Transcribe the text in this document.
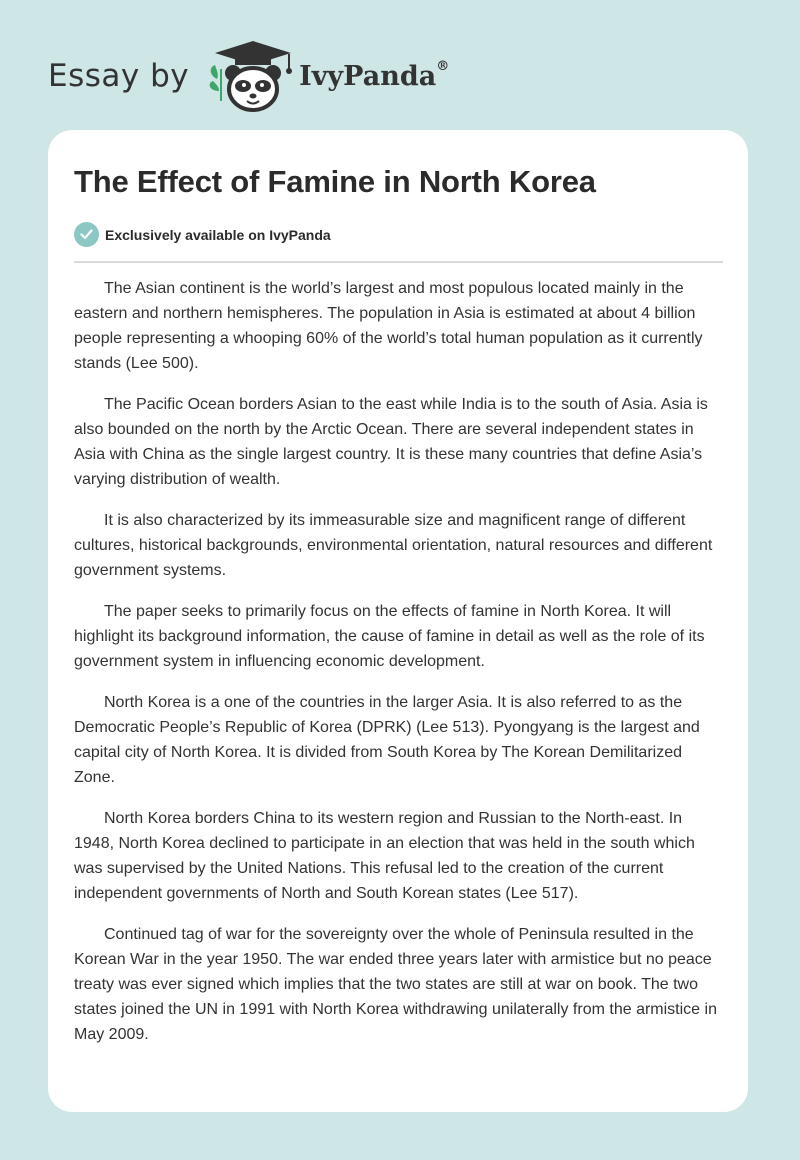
Essay by	IvyPanda®
The Effect of Famine in North Korea
Exclusively available on IvyPanda

The Asian continent is the world’s largest and most populous located mainly in the eastern and northern hemispheres. The population in Asia is estimated at about 4 billion people representing a whooping 60% of the world’s total human population as it currently stands (Lee 500).

The Pacific Ocean borders Asian to the east while India is to the south of Asia. Asia is also bounded on the north by the Arctic Ocean. There are several independent states in Asia with China as the single largest country. It is these many countries that define Asia’s varying distribution of wealth.

It is also characterized by its immeasurable size and magnificent range of different cultures, historical backgrounds, environmental orientation, natural resources and different government systems.

The paper seeks to primarily focus on the effects of famine in North Korea. It will highlight its background information, the cause of famine in detail as well as the role of its government system in influencing economic development.

North Korea is a one of the countries in the larger Asia. It is also referred to as the Democratic People’s Republic of Korea (DPRK) (Lee 513). Pyongyang is the largest and capital city of North Korea. It is divided from South Korea by The Korean Demilitarized Zone.

North Korea borders China to its western region and Russian to the North-east. In 1948, North Korea declined to participate in an election that was held in the south which was supervised by the United Nations. This refusal led to the creation of the current independent governments of North and South Korean states (Lee 517).

Continued tag of war for the sovereignty over the whole of Peninsula resulted in the Korean War in the year 1950. The war ended three years later with armistice but no peace treaty was ever signed which implies that the two states are still at war on book. The two states joined the UN in 1991 with North Korea withdrawing unilaterally from the armistice in May 2009.
